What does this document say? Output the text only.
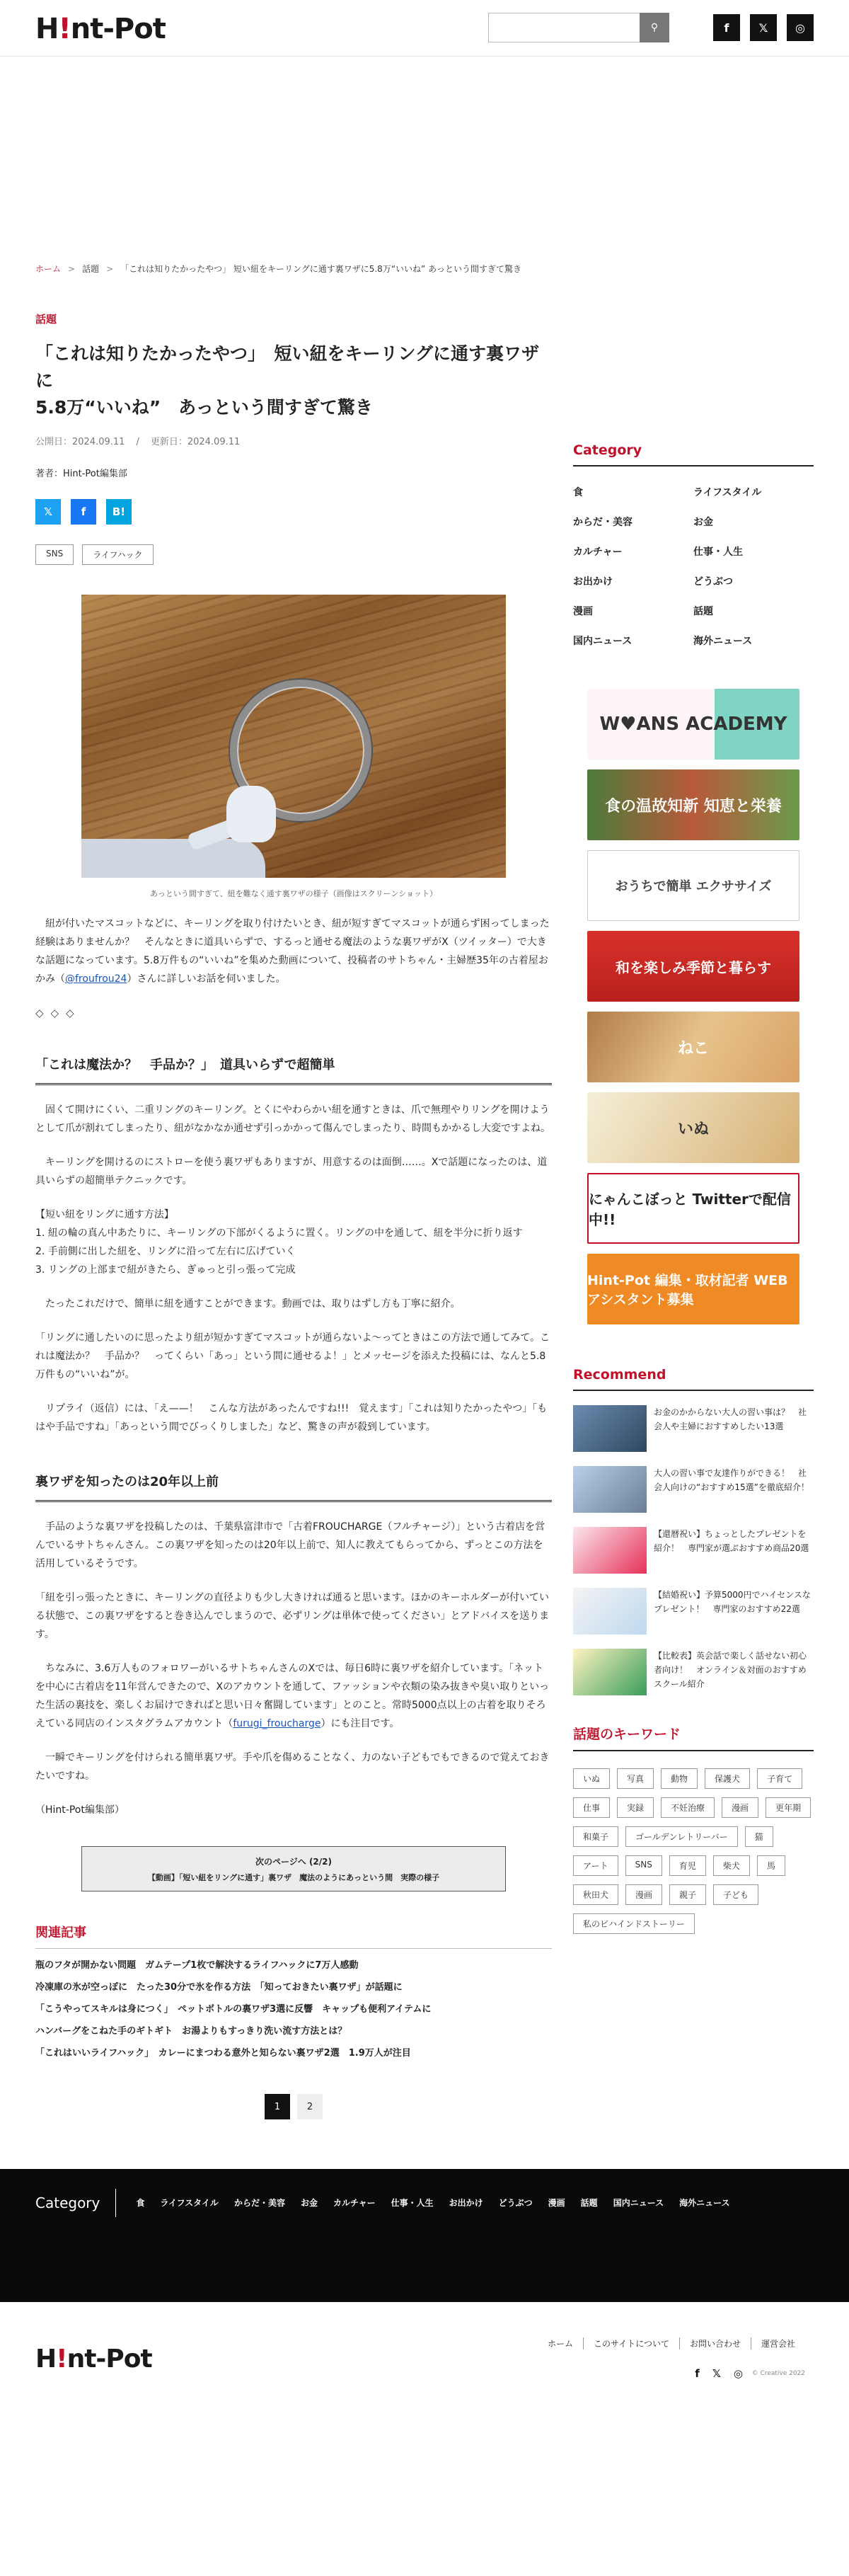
H!nt-Pot	⚲	f	𝕏	◎
ホーム > 話題 > 「これは知りたかったやつ」 短い紐をキーリングに通す裏ワザに5.8万“いいね” あっという間すぎて驚き
話題
「これは知りたかったやつ」　短い紐をキーリングに通す裏ワザに
5.8万“いいね”　あっという間すぎて驚き
公開日：2024.09.11 / 更新日：2024.09.11
著者：Hint-Pot編集部
𝕏	f	B!
SNS	ライフハック
あっという間すぎて、紐を難なく通す裏ワザの様子（画像はスクリーンショット）

紐が付いたマスコットなどに、キーリングを取り付けたいとき、紐が短すぎてマスコットが通らず困ってしまった経験はありませんか？　そんなときに道具いらずで、するっと通せる魔法のような裏ワザがX（ツイッター）で大きな話題になっています。5.8万件もの“いいね”を集めた動画について、投稿者のサトちゃん・主婦歴35年の古着屋おかみ（@froufrou24）さんに詳しいお話を伺いました。

◇◇◇
「これは魔法か？　手品か？」　道具いらずで超簡単

固くて開けにくい、二重リングのキーリング。とくにやわらかい紐を通すときは、爪で無理やりリングを開けようとして爪が割れてしまったり、紐がなかなか通せず引っかかって傷んでしまったり、時間もかかるし大変ですよね。

キーリングを開けるのにストローを使う裏ワザもありますが、用意するのは面倒……。Xで話題になったのは、道具いらずの超簡単テクニックです。

【短い紐をリングに通す方法】
1. 紐の輪の真ん中あたりに、キーリングの下部がくるように置く。リングの中を通して、紐を半分に折り返す
2. 手前側に出した紐を、リングに沿って左右に広げていく
3. リングの上部まで紐がきたら、ぎゅっと引っ張って完成

たったこれだけで、簡単に紐を通すことができます。動画では、取りはずし方も丁寧に紹介。

「リングに通したいのに思ったより紐が短かすぎてマスコットが通らないよ〜ってときはこの方法で通してみて。これは魔法か？　手品か？　ってくらい「あっ」という間に通せるよ！」とメッセージを添えた投稿には、なんと5.8万件もの“いいね”が。

リプライ（返信）には、「え——！　こんな方法があったんですね!!!　覚えます」「これは知りたかったやつ」「もはや手品ですね」「あっという間でびっくりしました」など、驚きの声が殺到しています。

裏ワザを知ったのは20年以上前

手品のような裏ワザを投稿したのは、千葉県富津市で「古着FROUCHARGE（フルチャージ）」という古着店を営んでいるサトちゃんさん。この裏ワザを知ったのは20年以上前で、知人に教えてもらってから、ずっとこの方法を活用しているそうです。

「紐を引っ張ったときに、キーリングの直径よりも少し大きければ通ると思います。ほかのキーホルダーが付いている状態で、この裏ワザをすると巻き込んでしまうので、必ずリングは単体で使ってください」とアドバイスを送ります。

ちなみに、3.6万人ものフォロワーがいるサトちゃんさんのXでは、毎日6時に裏ワザを紹介しています。「ネットを中心に古着店を11年営んできたので、Xのアカウントを通して、ファッションや衣類の染み抜きや臭い取りといった生活の裏技を、楽しくお届けできればと思い日々奮闘しています」とのこと。常時5000点以上の古着を取りそろえている同店のインスタグラムアカウント（furugi_froucharge）にも注目です。

一瞬でキーリングを付けられる簡単裏ワザ。手や爪を傷めることなく、力のない子どもでもできるので覚えておきたいですね。

（Hint-Pot編集部）

次のページへ (2/2)
【動画】「短い紐をリングに通す」裏ワザ　魔法のようにあっという間　実際の様子
関連記事
瓶のフタが開かない問題　ガムテープ1枚で解決するライフハックに7万人感動
冷凍庫の氷が空っぽに　たった30分で氷を作る方法　「知っておきたい裏ワザ」が話題に
「こうやってスキルは身につく」　ペットボトルの裏ワザ3選に反響　キャップも便利アイテムに
ハンバーグをこねた手のギトギト　お湯よりもすっきり洗い流す方法とは？
「これはいいライフハック」　カレーにまつわる意外と知らない裏ワザ2選　1.9万人が注目
1	2
Category
食	ライフスタイル
からだ・美容	お金
カルチャー	仕事・人生
お出かけ	どうぶつ
漫画	話題
国内ニュース	海外ニュース
W♥ANS ACADEMY
食の温故知新 知恵と栄養
おうちで簡単 エクササイズ
和を楽しみ季節と暮らす
ねこ
いぬ
にゃんこぼっと Twitterで配信中!!
Hint-Pot 編集・取材記者 WEBアシスタント募集
Recommend
お金のかからない大人の習い事は？　社会人や主婦におすすめしたい13選
大人の習い事で友達作りができる！　社会人向けの“おすすめ15選”を徹底紹介！
【還暦祝い】ちょっとしたプレゼントを紹介！　専門家が選ぶおすすめ商品20選
【結婚祝い】予算5000円でハイセンスなプレゼント！　専門家のおすすめ22選
【比較表】英会話で楽しく話せない初心者向け！　オンライン＆対面のおすすめスクール紹介
話題のキーワード
いぬ	写真	動物	保護犬	子育て
仕事	実録	不妊治療	漫画	更年期
和菓子	ゴールデンレトリーバー	猫
アート	SNS	育児	柴犬	馬
秋田犬	漫画	親子	子ども
私のビハインドストーリー
Category	食 ライフスタイル からだ・美容 お金 カルチャー 仕事・人生 お出かけ どうぶつ 漫画 話題 国内ニュース 海外ニュース
H!nt-Pot
ホーム	このサイトについて	お問い合わせ	運営会社
f 𝕏 ◎ © Creative 2022
